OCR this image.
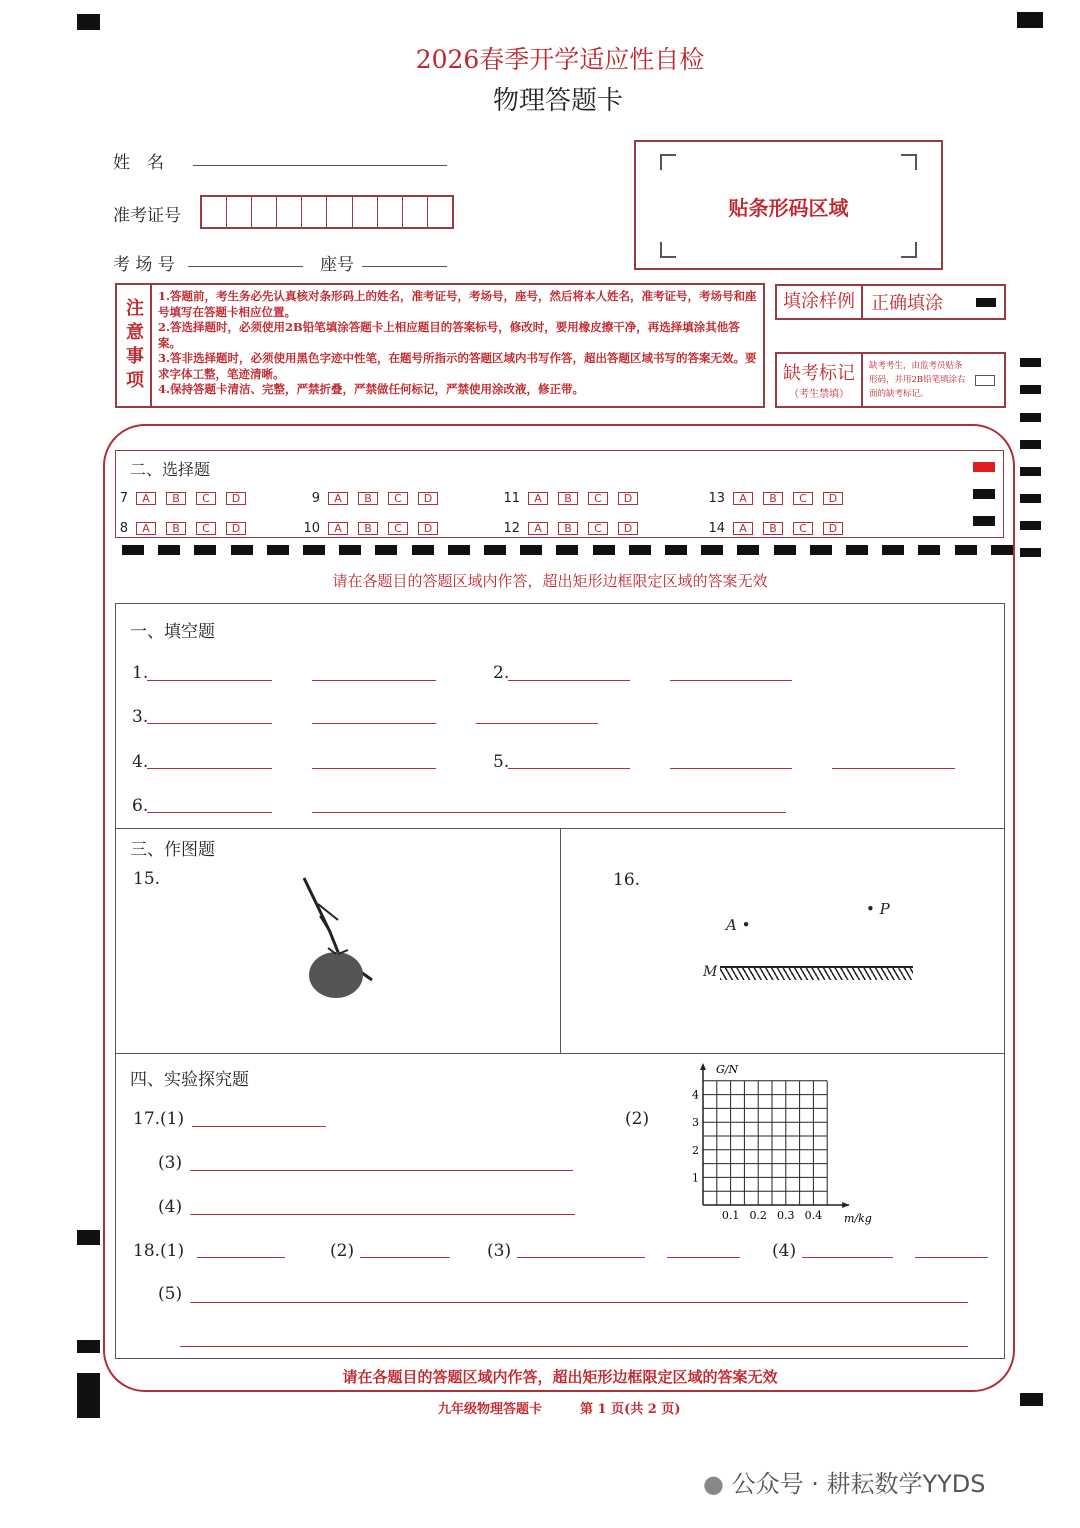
2026春季开学适应性自检
物理答题卡
姓　名
准考证号
考 场 号	座号
贴条形码区域
注意事项
1.答题前，考生务必先认真核对条形码上的姓名，准考证号，考场号，座号，然后将本人姓名，准考证号，考场号和座号填写在答题卡相应位置。
2.答选择题时，必须使用2B铅笔填涂答题卡上相应题目的答案标号，修改时，要用橡皮擦干净，再选择填涂其他答案。
3.答非选择题时，必须使用黑色字迹中性笔，在题号所指示的答题区域内书写作答，超出答题区域书写的答案无效。要求字体工整，笔迹清晰。
4.保持答题卡清洁、完整，严禁折叠，严禁做任何标记，严禁使用涂改液，修正带。
填涂样例 正确填涂
缺考标记
（考生禁填）
缺考考生，由监考员贴条形码，并用2B铅笔填涂右面的缺考标记。
二、选择题
7 A B C D	9 A B C D	11 A B C D	13 A B C D
8 A B C D	10 A B C D	12 A B C D	14 A B C D
请在各题目的答题区域内作答，超出矩形边框限定区域的答案无效
一、填空题
1.	2.
3.
4.	5.
6.
三、作图题
15.	16.
A •
• P
M
四、实验探究题
17.(1)	(2)
(3)
(4)
18.(1)	(2)	(3)	(4)
(5)
G/N
m/kg
1
2
3
4
0.1 0.2 0.3 0.4
请在各题目的答题区域内作答，超出矩形边框限定区域的答案无效
九年级物理答题卡	第 1 页(共 2 页)
● 公众号 · 耕耘数学YYDS
